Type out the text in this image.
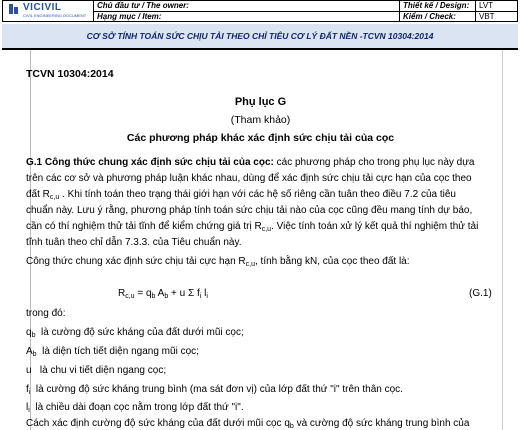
VICIVIL
CIVIL ENGINEERING DOCUMENT
Chủ đầu tư / The owner:	Thiết kế / Design: LVT
Hạng mục / Item:	Kiểm / Check:	VBT
CƠ SỞ TÍNH TOÁN SỨC CHỊU TẢI THEO CHỈ TIÊU CƠ LÝ ĐẤT NỀN -TCVN 10304:2014
TCVN 10304:2014
Phụ lục G
(Tham khảo)
Các phương pháp khác xác định sức chịu tải của cọc
G.1 Công thức chung xác định sức chịu tải của cọc: các phương pháp cho trong phụ lục này dựa
trên các cơ sở và phương pháp luận khác nhau, dùng để xác định sức chịu tải cực hạn của cọc theo
đất $R_{c,u}$ . Khi tính toán theo trạng thái giới hạn với các hệ số riêng cần tuân theo điều 7.2 của tiêu
chuẩn này. Lưu ý rằng, phương pháp tính toán sức chịu tải nào của cọc cũng đều mang tính dự báo,
cần có thí nghiệm thử tải tĩnh để kiểm chứng giá trị $R_{c,u}$. Việc tính toán xử lý kết quả thí nghiệm thử tải
tĩnh tuân theo chỉ dẫn 7.3.3. của Tiêu chuẩn này.
Công thức chung xác định sức chịu tải cực hạn $R_{c,u}$, tính bằng kN, của cọc theo đất là:
$R_{c,u} = q_b$ $A_b + u$ Σ $f_i$ $l_i$	(G.1)
trong đó:
$q_b$ là cường độ sức kháng của đất dưới mũi cọc;
$A_b$ là diện tích tiết diện ngang mũi cọc;
u là chu vi tiết diện ngang cọc;
$f_i$ là cường độ sức kháng trung bình (ma sát đơn vị) của lớp đất thứ "i" trên thân cọc.
$l_i$ là chiều dài đoạn cọc nằm trong lớp đất thứ "i".
Cách xác định cường độ sức kháng của đất dưới mũi cọc $q_b$ và cường độ sức kháng trung bình của
